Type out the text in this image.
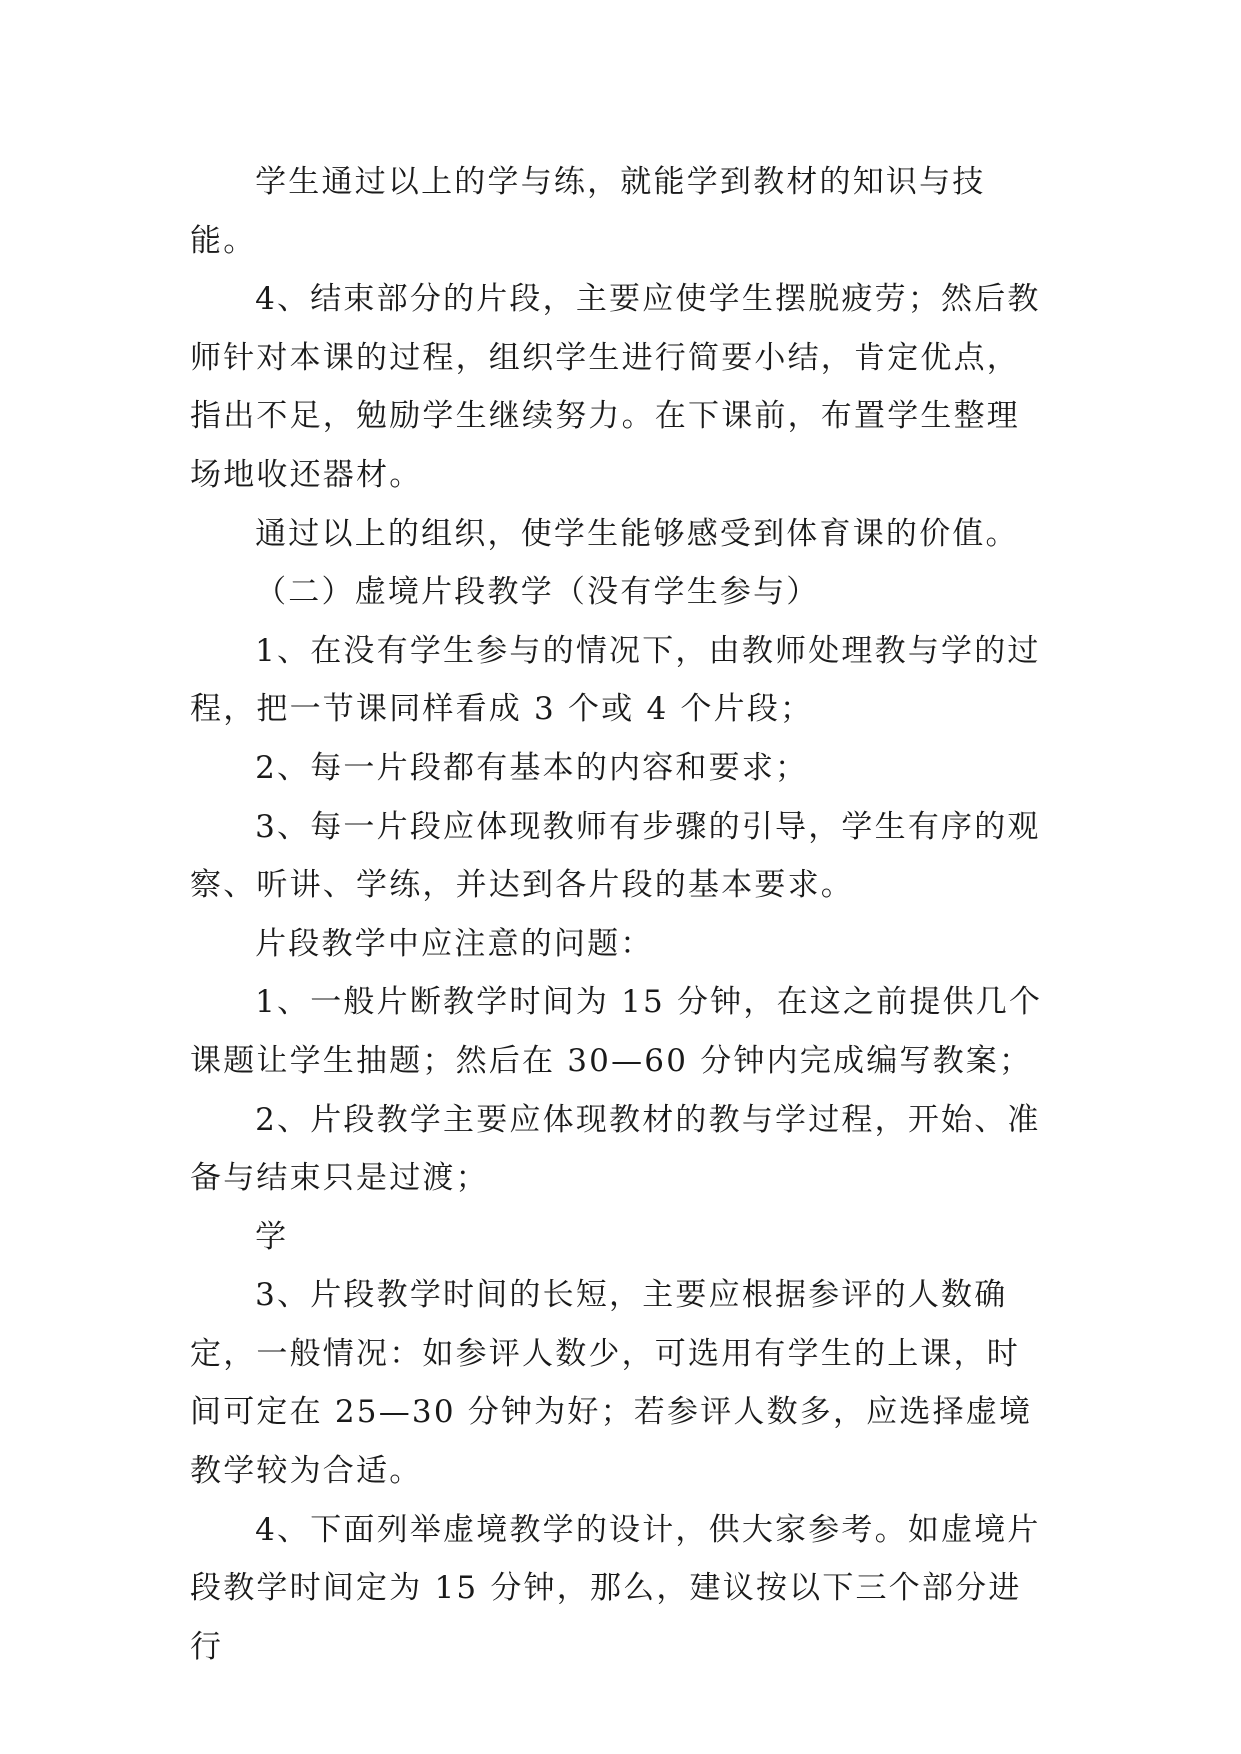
学生通过以上的学与练，就能学到教材的知识与技能。

4、结束部分的片段，主要应使学生摆脱疲劳；然后教师针对本课的过程，组织学生进行简要小结，肯定优点，指出不足，勉励学生继续努力。在下课前，布置学生整理场地收还器材。

通过以上的组织，使学生能够感受到体育课的价值。

（二）虚境片段教学（没有学生参与）

1、在没有学生参与的情况下，由教师处理教与学的过程，把一节课同样看成 3 个或 4 个片段；

2、每一片段都有基本的内容和要求；

3、每一片段应体现教师有步骤的引导，学生有序的观察、听讲、学练，并达到各片段的基本要求。

片段教学中应注意的问题：

1、一般片断教学时间为 15 分钟，在这之前提供几个课题让学生抽题；然后在 30—60 分钟内完成编写教案；

2、片段教学主要应体现教材的教与学过程，开始、准备与结束只是过渡；

学

3、片段教学时间的长短，主要应根据参评的人数确定，一般情况：如参评人数少，可选用有学生的上课，时间可定在 25—30 分钟为好；若参评人数多，应选择虚境教学较为合适。

4、下面列举虚境教学的设计，供大家参考。如虚境片段教学时间定为 15 分钟，那么，建议按以下三个部分进行
